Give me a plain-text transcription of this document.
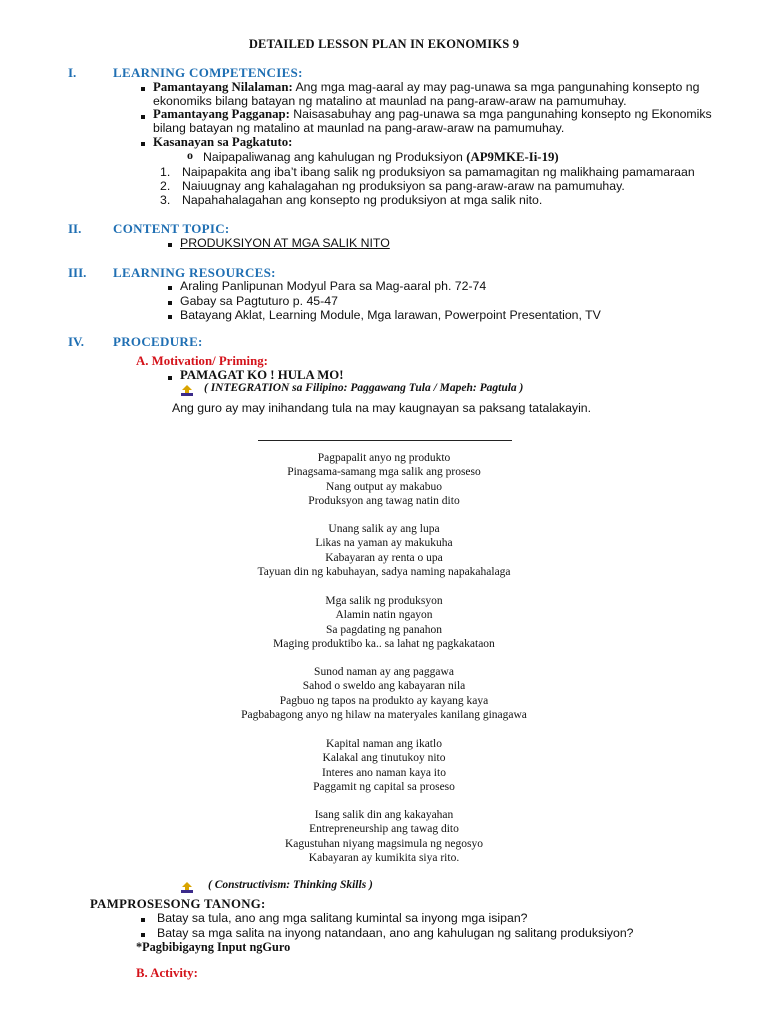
DETAILED LESSON PLAN IN EKONOMIKS 9
I.	LEARNING COMPETENCIES:
Pamantayang Nilalaman: Ang mga mag-aaral ay may pag-unawa sa mga pangunahing konsepto ng
ekonomiks bilang batayan ng matalino at maunlad na pang-araw-araw na pamumuhay.
Pamantayang Pagganap: Naisasabuhay ang pag-unawa sa mga pangunahing konsepto ng Ekonomiks
bilang batayan ng matalino at maunlad na pang-araw-araw na pamumuhay.
Kasanayan sa Pagkatuto:
o Naipapaliwanag ang kahulugan ng Produksiyon (AP9MKE-Ii-19)
1. Naipapakita ang iba’t ibang salik ng produksiyon sa pamamagitan ng malikhaing pamamaraan
2. Naiuugnay ang kahalagahan ng produksiyon sa pang-araw-araw na pamumuhay.
3. Napahahalagahan ang konsepto ng produksiyon at mga salik nito.
II. CONTENT TOPIC:
PRODUKSIYON AT MGA SALIK NITO
III. LEARNING RESOURCES:
Araling Panlipunan Modyul Para sa Mag-aaral ph. 72-74
Gabay sa Pagtuturo p. 45-47
Batayang Aklat, Learning Module, Mga larawan, Powerpoint Presentation, TV
IV. PROCEDURE:
A. Motivation/ Priming:
PAMAGAT KO ! HULA MO!
( INTEGRATION sa Filipino: Paggawang Tula / Mapeh: Pagtula )
Ang guro ay may inihandang tula na may kaugnayan sa paksang tatalakayin.
Pagpapalit anyo ng produkto
Pinagsama-samang mga salik ang proseso
Nang output ay makabuo
Produksyon ang tawag natin dito
Unang salik ay ang lupa
Likas na yaman ay makukuha
Kabayaran ay renta o upa
Tayuan din ng kabuhayan, sadya naming napakahalaga
Mga salik ng produksyon
Alamin natin ngayon
Sa pagdating ng panahon
Maging produktibo ka.. sa lahat ng pagkakataon
Sunod naman ay ang paggawa
Sahod o sweldo ang kabayaran nila
Pagbuo ng tapos na produkto ay kayang kaya
Pagbabagong anyo ng hilaw na materyales kanilang ginagawa
Kapital naman ang ikatlo
Kalakal ang tinutukoy nito
Interes ano naman kaya ito
Paggamit ng capital sa proseso
Isang salik din ang kakayahan
Entrepreneurship ang tawag dito
Kagustuhan niyang magsimula ng negosyo
Kabayaran ay kumikita siya rito.
( Constructivism: Thinking Skills )
PAMPROSESONG TANONG:
Batay sa tula, ano ang mga salitang kumintal sa inyong mga isipan?
Batay sa mga salita na inyong natandaan, ano ang kahulugan ng salitang produksiyon?
*Pagbibigayng Input ngGuro
B. Activity:
